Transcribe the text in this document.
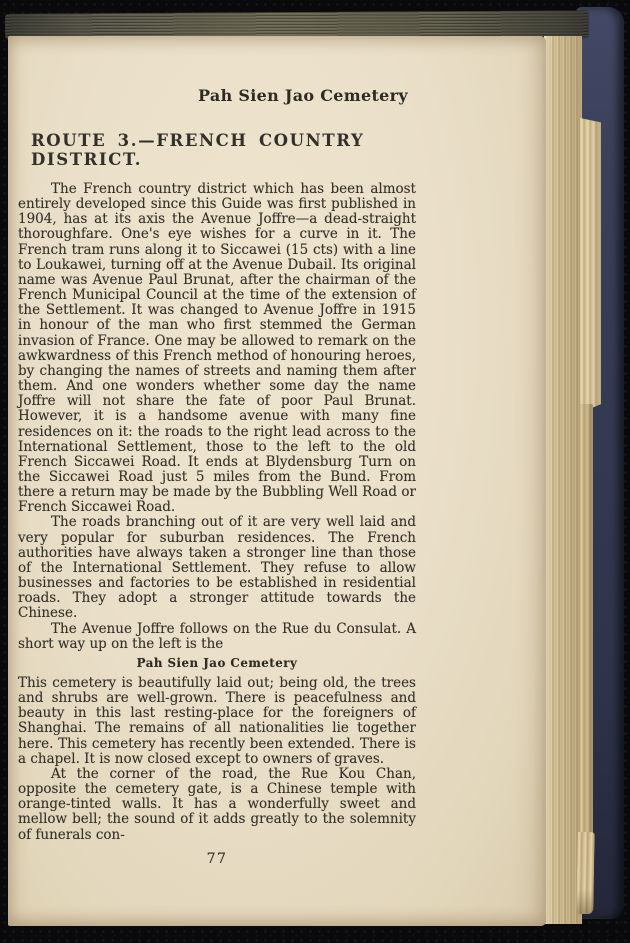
Pah Sien Jao Cemetery
ROUTE 3.—FRENCH COUNTRY DISTRICT.

The French country district which has been almost entirely developed since this Guide was first published in 1904, has at its axis the Avenue Joffre—a dead-straight thoroughfare. One's eye wishes for a curve in it. The French tram runs along it to Siccawei (15 cts) with a line to Loukawei, turning off at the Avenue Dubail. Its original name was Avenue Paul Brunat, after the chairman of the French Municipal Council at the time of the extension of the Settlement. It was changed to Avenue Joffre in 1915 in honour of the man who first stemmed the German invasion of France. One may be allowed to remark on the awkwardness of this French method of honouring heroes, by changing the names of streets and naming them after them. And one wonders whether some day the name Joffre will not share the fate of poor Paul Brunat. However, it is a handsome avenue with many fine residences on it: the roads to the right lead across to the International Settlement, those to the left to the old French Siccawei Road. It ends at Blydensburg Turn on the Siccawei Road just 5 miles from the Bund. From there a return may be made by the Bubbling Well Road or French Siccawei Road.

The roads branching out of it are very well laid and very popular for suburban residences. The French authorities have always taken a stronger line than those of the International Settlement. They refuse to allow businesses and factories to be established in residential roads. They adopt a stronger attitude towards the Chinese.

The Avenue Joffre follows on the Rue du Consulat. A short way up on the left is the

Pah Sien Jao Cemetery

This cemetery is beautifully laid out; being old, the trees and shrubs are well-grown. There is peacefulness and beauty in this last resting-place for the foreigners of Shanghai. The remains of all nationalities lie together here. This cemetery has recently been extended. There is a chapel. It is now closed except to owners of graves.

At the corner of the road, the Rue Kou Chan, opposite the cemetery gate, is a Chinese temple with orange-tinted walls. It has a wonderfully sweet and mellow bell; the sound of it adds greatly to the solemnity of funerals con-

77
